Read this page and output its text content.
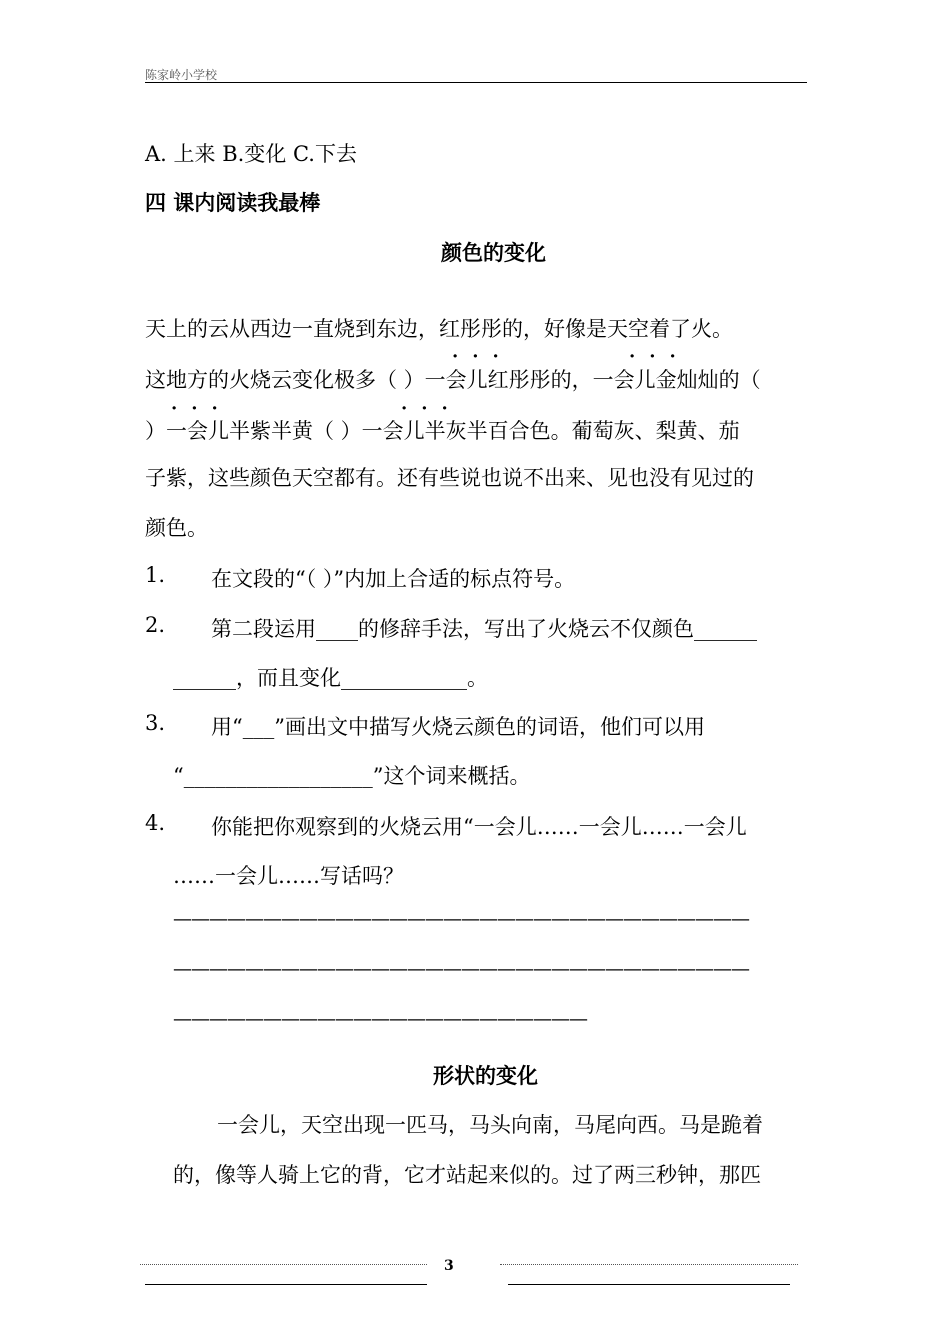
陈家岭小学校
A. 上来 B.变化 C.下去
四 课内阅读我最棒
颜色的变化
天上的云从西边一直烧到东边，红彤彤的，好像是天空着了火。
···	···
这地方的火烧云变化极多（ ）一会儿红彤彤的，一会儿金灿灿的（
···	···
）一会儿半紫半黄（ ）一会儿半灰半百合色。葡萄灰、梨黄、茄
子紫，这些颜色天空都有。还有些说也说不出来、见也没有见过的
颜色。
1. 在文段的“（ ）”内加上合适的标点符号。
2. 第二段运用____的修辞手法，写出了火烧云不仅颜色______
______，而且变化____________。
3. 用“___”画出文中描写火烧云颜色的词语，他们可以用
“__________________”这个词来概括。
4. 你能把你观察到的火烧云用“一会儿……一会儿……一会儿
……一会儿……写话吗？
————————————————————————————————
————————————————————————————————
———————————————————————
形状的变化
一会儿，天空出现一匹马，马头向南，马尾向西。马是跪着
的，像等人骑上它的背，它才站起来似的。过了两三秒钟，那匹
3
